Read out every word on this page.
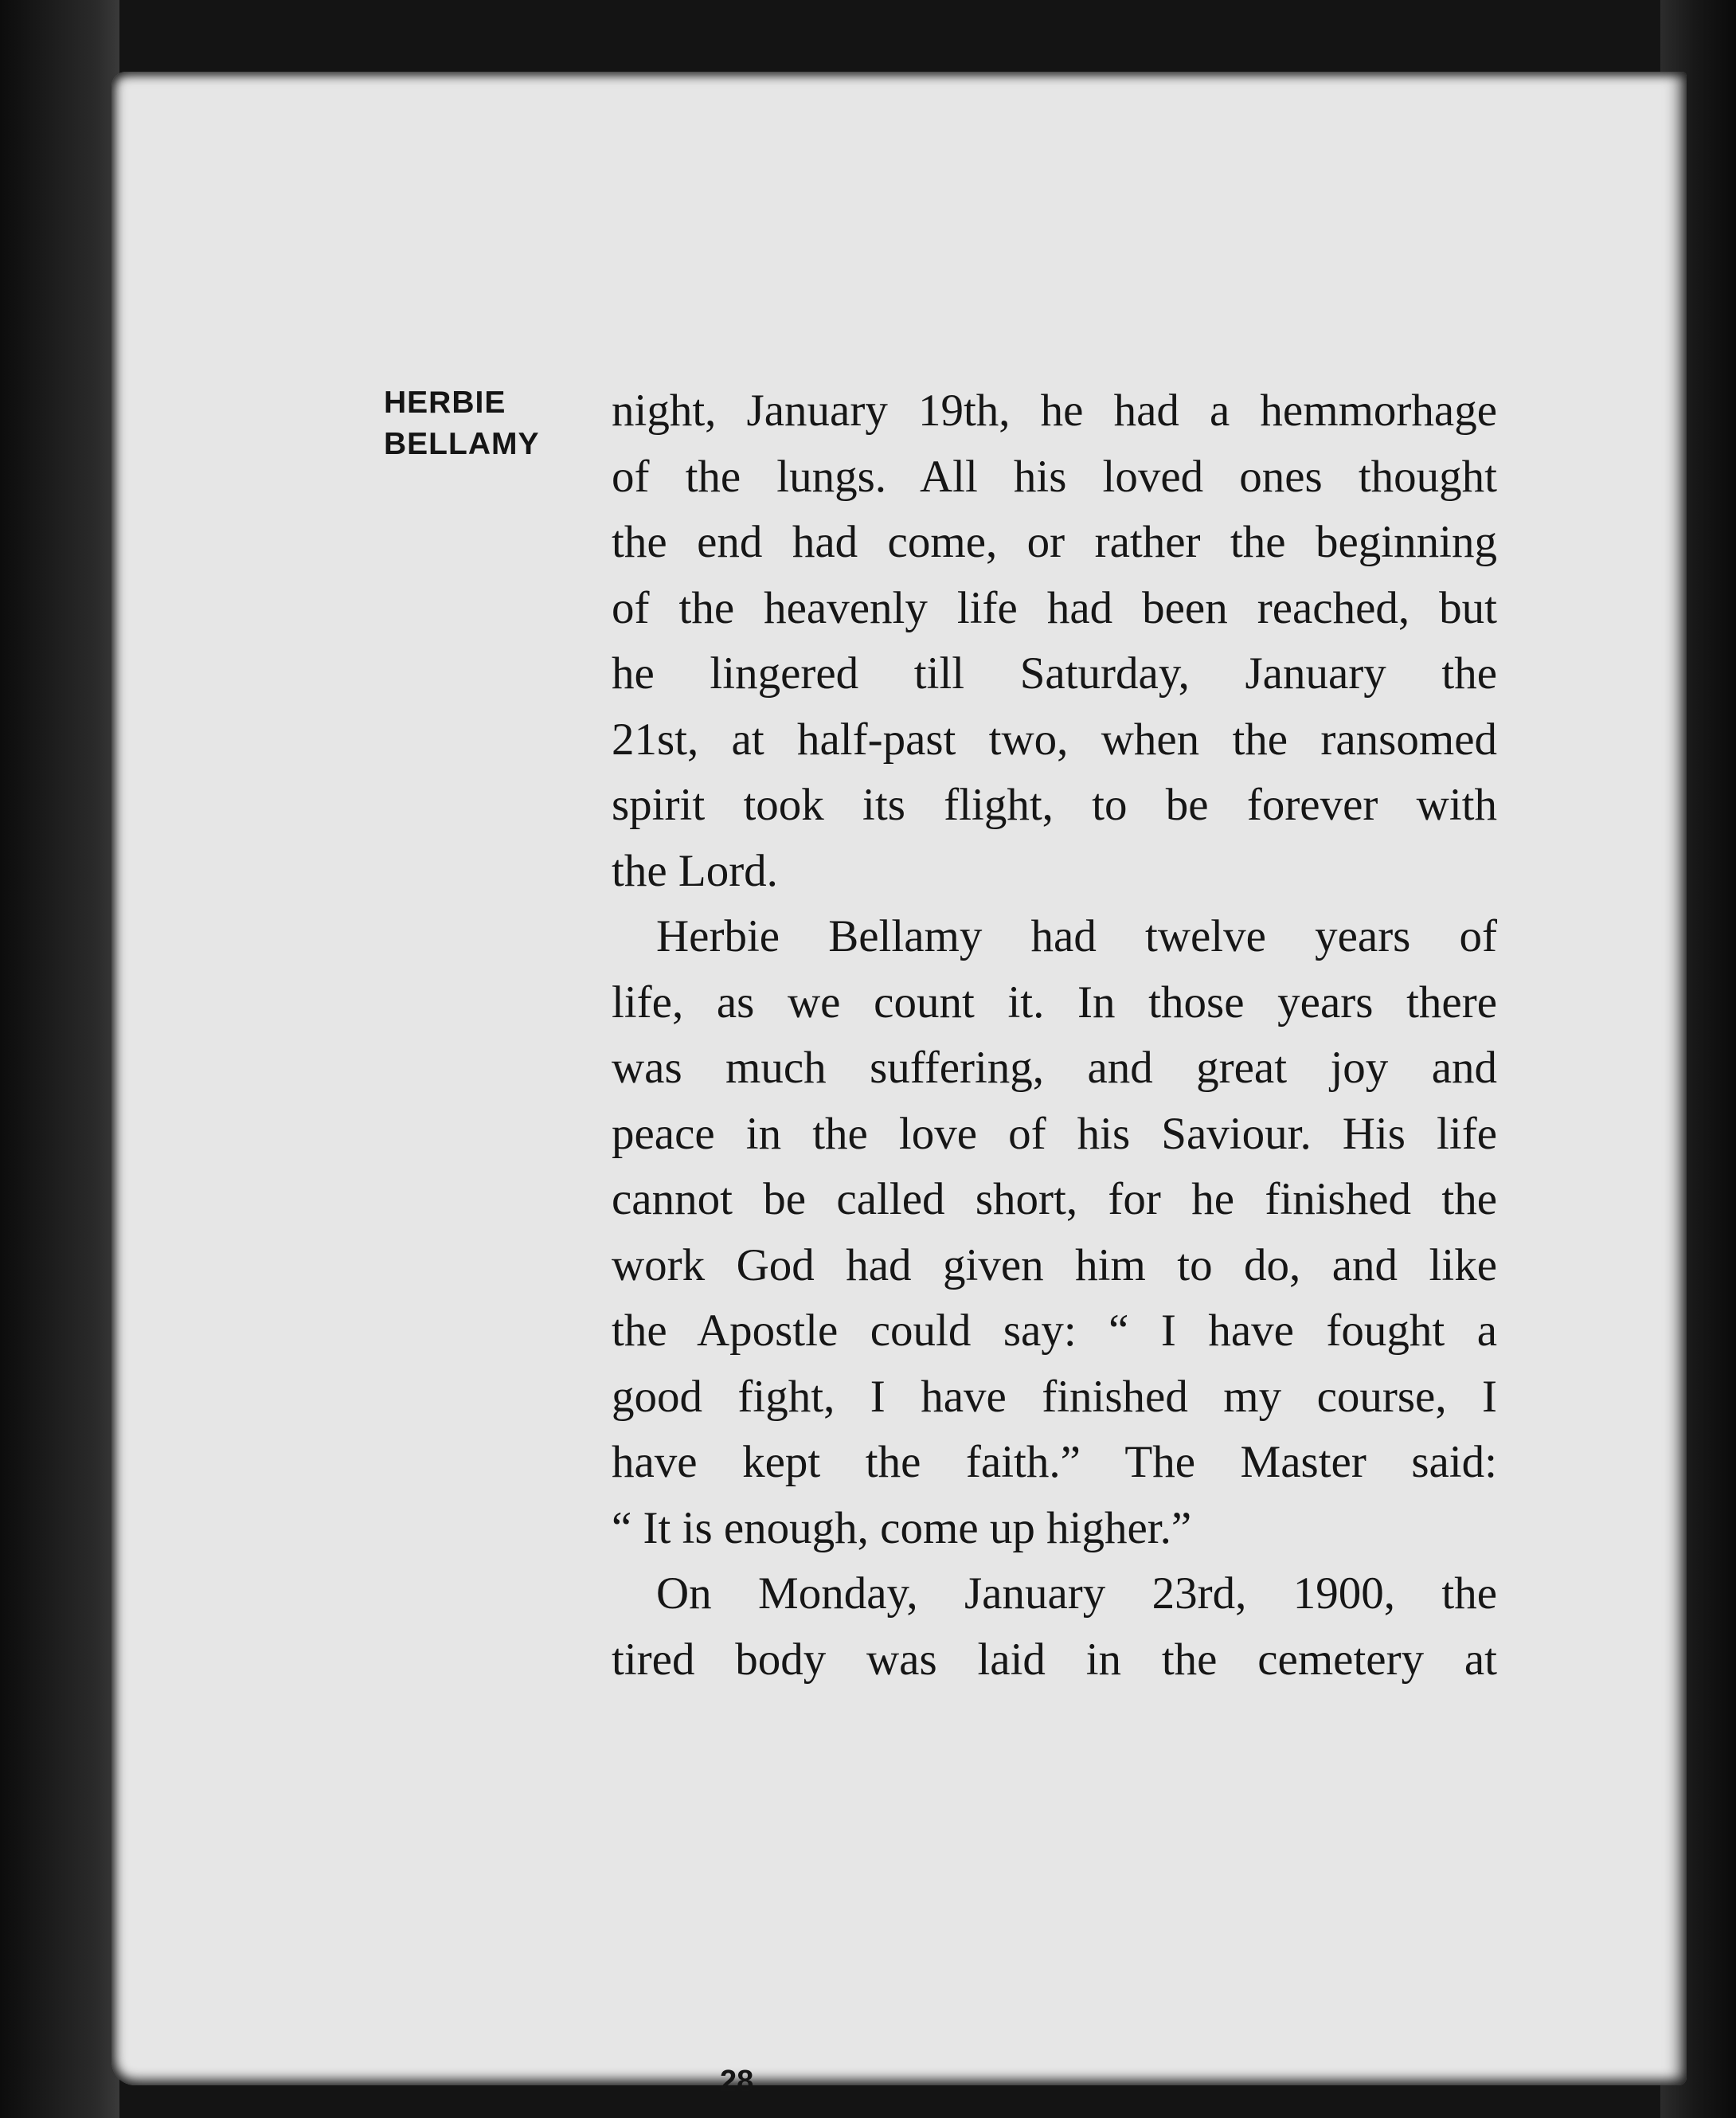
HERBIE
BELLAMY
night, January 19th, he had a hemmorhage
of the lungs. All his loved ones thought
the end had come, or rather the beginning
of the heavenly life had been reached, but
he lingered till Saturday, January the
21st, at half-past two, when the ransomed
spirit took its flight, to be forever with
the Lord.
Herbie Bellamy had twelve years of
life, as we count it. In those years there
was much suffering, and great joy and
peace in the love of his Saviour. His life
cannot be called short, for he finished the
work God had given him to do, and like
the Apostle could say: “ I have fought a
good fight, I have finished my course, I
have kept the faith.” The Master said:
“ It is enough, come up higher.”
On Monday, January 23rd, 1900, the
tired body was laid in the cemetery at
28
